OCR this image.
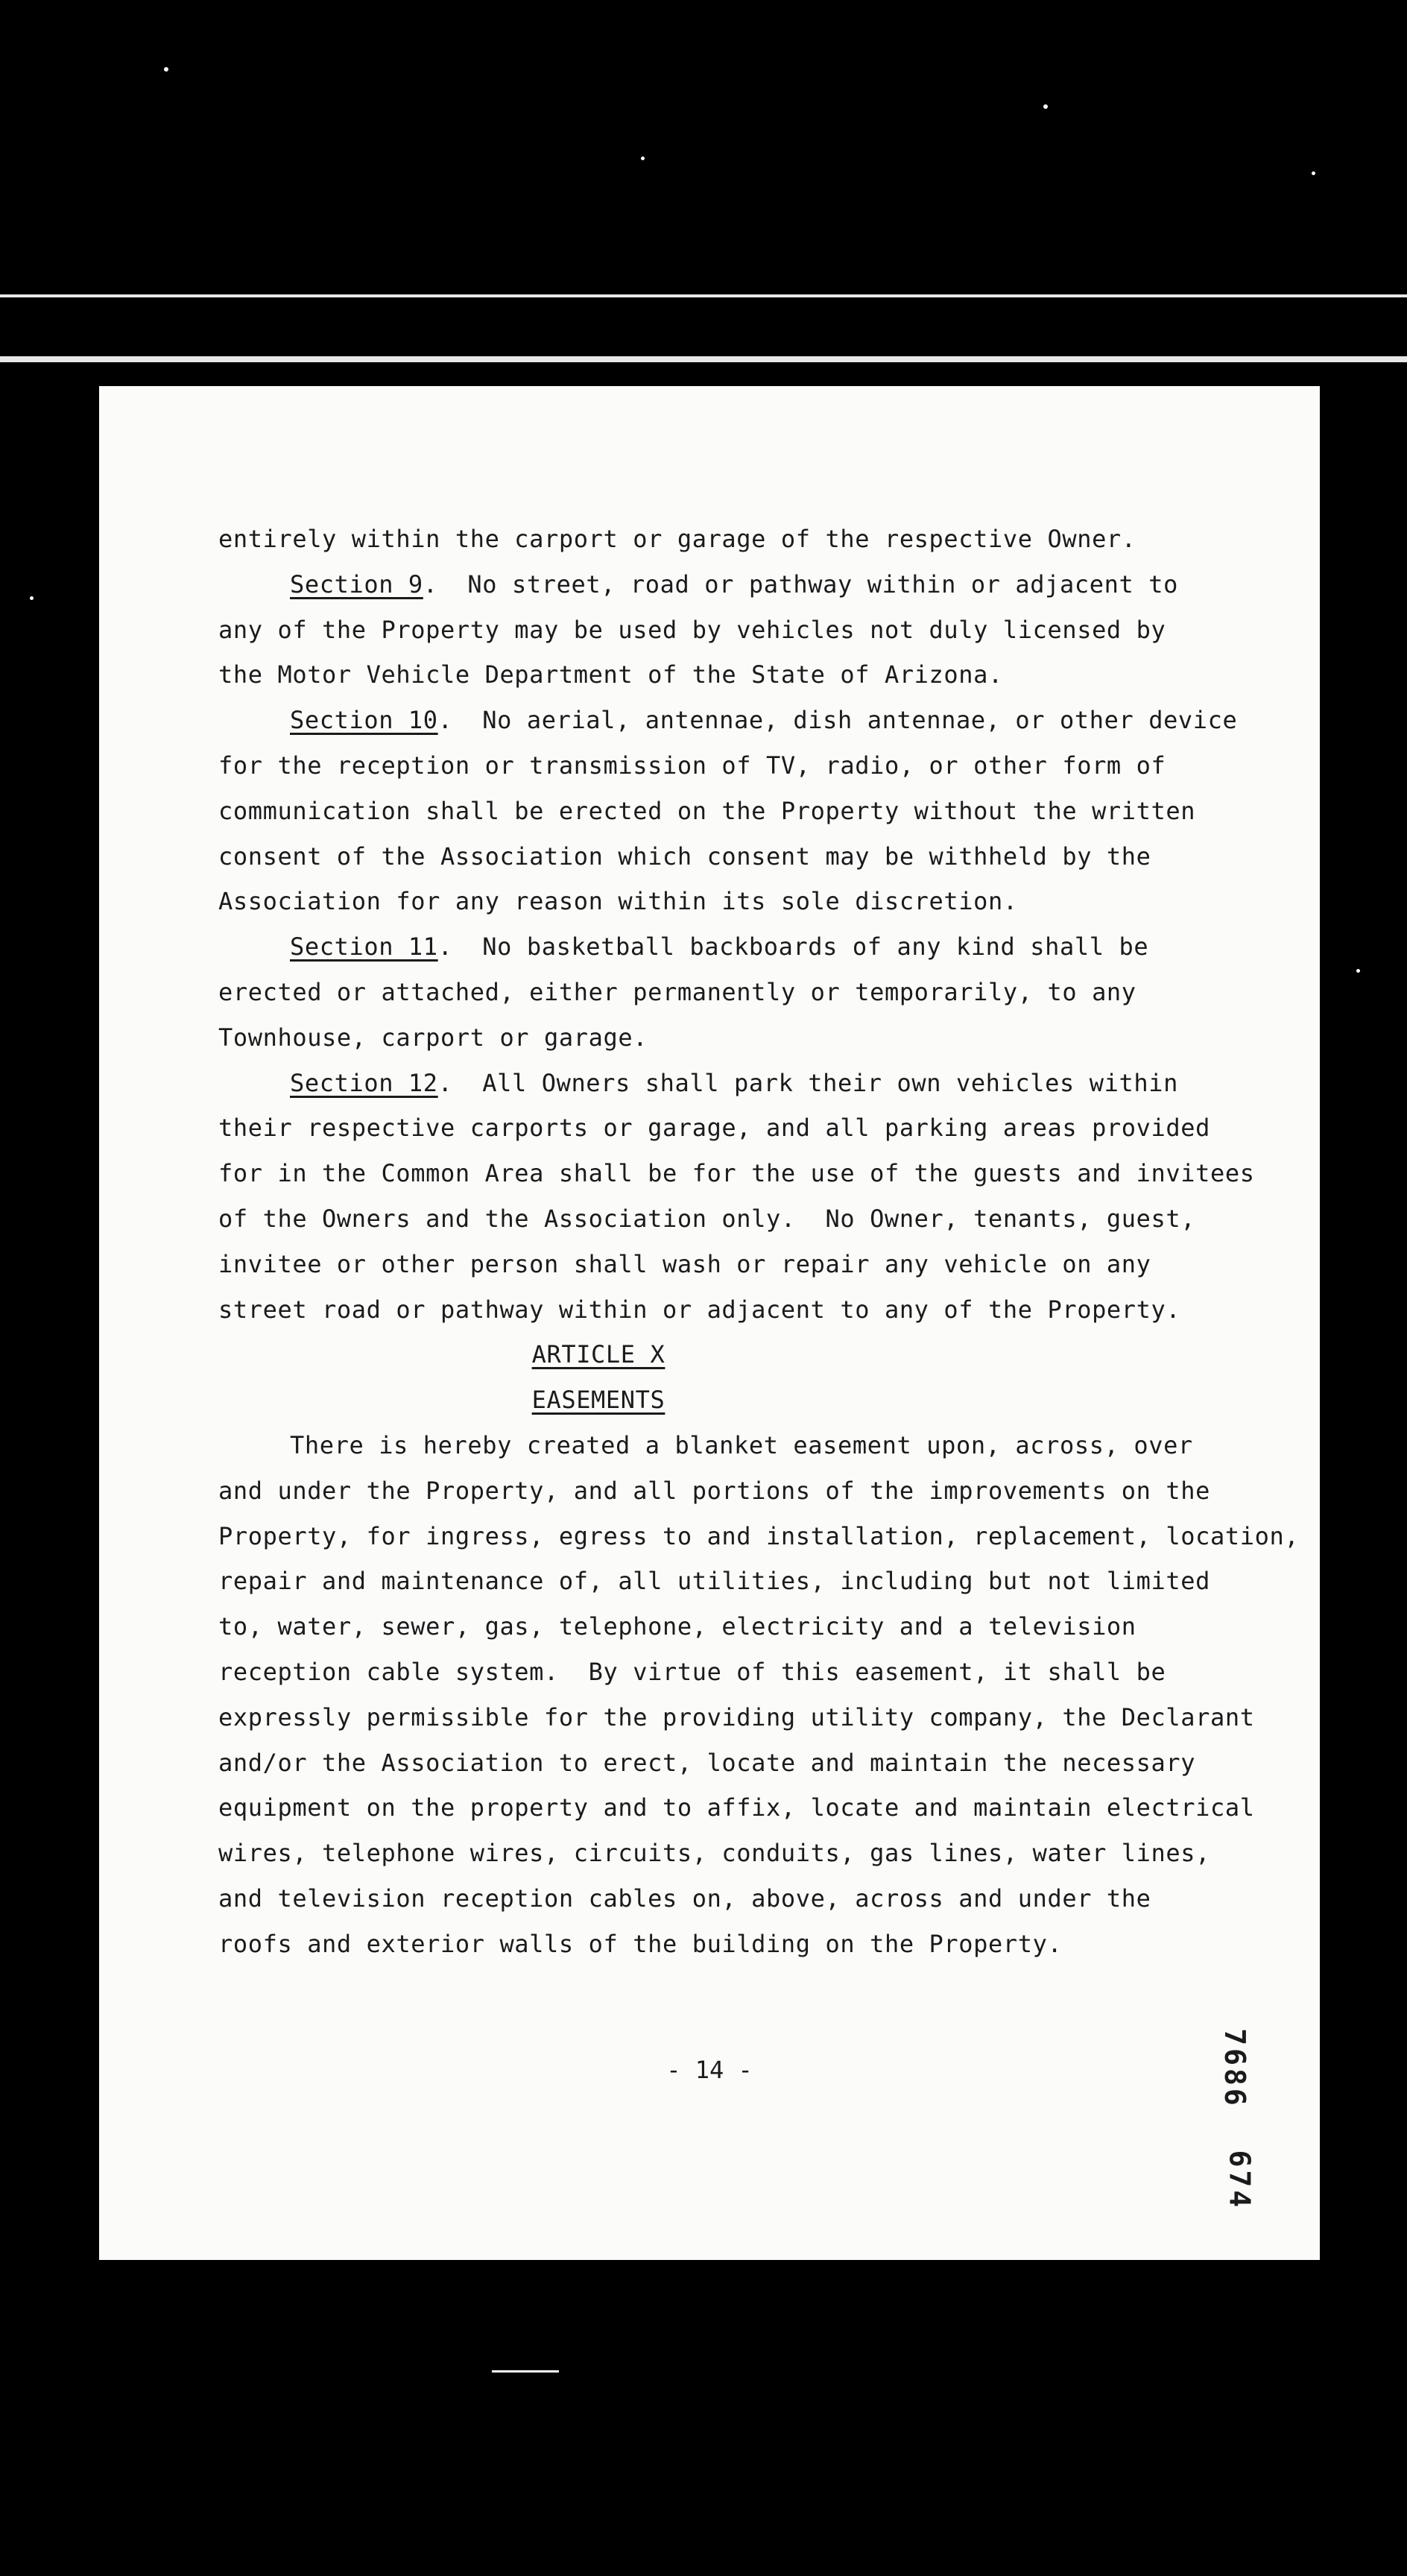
entirely within the carport or garage of the respective Owner.
Section 9.  No street, road or pathway within or adjacent to
any of the Property may be used by vehicles not duly licensed by
the Motor Vehicle Department of the State of Arizona.
Section 10.  No aerial, antennae, dish antennae, or other device
for the reception or transmission of TV, radio, or other form of
communication shall be erected on the Property without the written
consent of the Association which consent may be withheld by the
Association for any reason within its sole discretion.
Section 11.  No basketball backboards of any kind shall be
erected or attached, either permanently or temporarily, to any
Townhouse, carport or garage.
Section 12.  All Owners shall park their own vehicles within
their respective carports or garage, and all parking areas provided
for in the Common Area shall be for the use of the guests and invitees
of the Owners and the Association only.  No Owner, tenants, guest,
invitee or other person shall wash or repair any vehicle on any
street road or pathway within or adjacent to any of the Property.
ARTICLE X
EASEMENTS
There is hereby created a blanket easement upon, across, over
and under the Property, and all portions of the improvements on the
Property, for ingress, egress to and installation, replacement, location,
repair and maintenance of, all utilities, including but not limited
to, water, sewer, gas, telephone, electricity and a television
reception cable system.  By virtue of this easement, it shall be
expressly permissible for the providing utility company, the Declarant
and/or the Association to erect, locate and maintain the necessary
equipment on the property and to affix, locate and maintain electrical
wires, telephone wires, circuits, conduits, gas lines, water lines,
and television reception cables on, above, across and under the
roofs and exterior walls of the building on the Property.
- 14 -	7686
674
